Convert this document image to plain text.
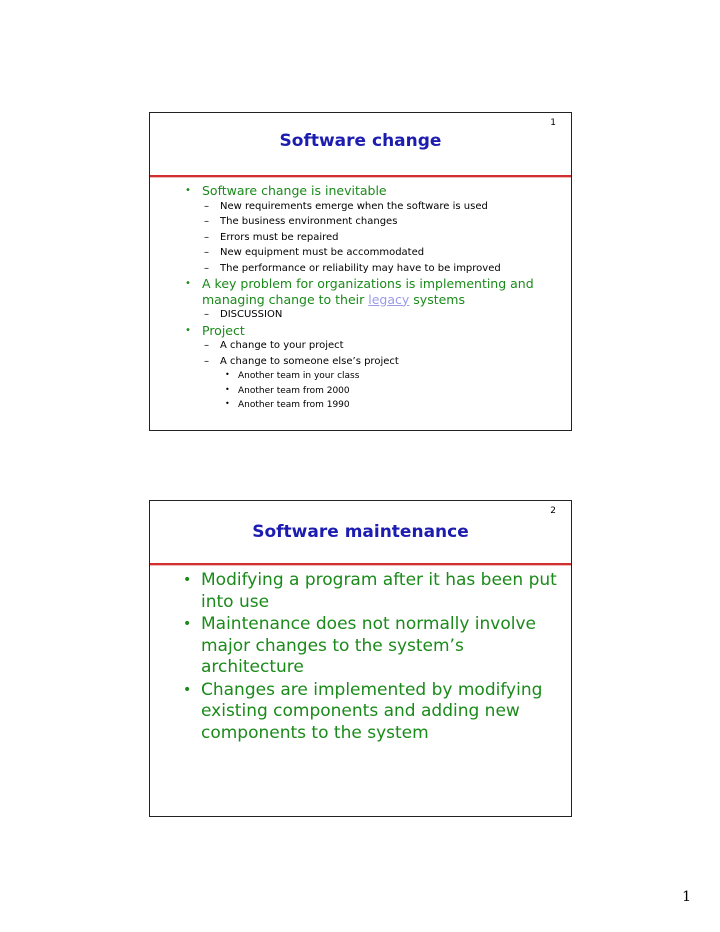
1
Software change
• Software change is inevitable
– New requirements emerge when the software is used
– The business environment changes
– Errors must be repaired
– New equipment must be accommodated
– The performance or reliability may have to be improved
• A key problem for organizations is implementing and managing change to their legacy systems
– DISCUSSION
• Project
– A change to your project
– A change to someone else’s project
• Another team in your class
• Another team from 2000
• Another team from 1990
2
Software maintenance
• Modifying a program after it has been put into use
• Maintenance does not normally involve major changes to the system’s architecture
• Changes are implemented by modifying existing components and adding new components to the system
1
